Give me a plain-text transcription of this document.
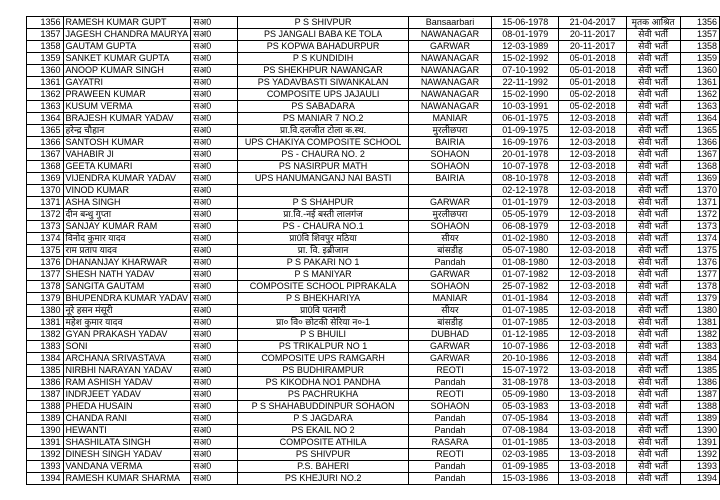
1356	RAMESH KUMAR GUPT	सअ0	P S SHIVPUR	Bansaarbari	15-06-1978	21-04-2017	मृतक आश्रित	1356
1357	JAGESH CHANDRA MAURYA	सअ0	PS JANGALI BABA KE TOLA	NAWANAGAR	08-01-1979	20-11-2017	सेवी भर्ती	1357
1358	GAUTAM GUPTA	सअ0	PS KOPWA BAHADURPUR	GARWAR	12-03-1989	20-11-2017	सेवी भर्ती	1358
1359	SANKET KUMAR GUPTA	सअ0	P S KUNDIDIH	NAWANAGAR	15-02-1992	05-01-2018	सेवी भर्ती	1359
1360	ANOOP KUMAR SINGH	सअ0	PS SHEKHPUR NAWANGAR	NAWANAGAR	07-10-1992	05-01-2018	सेवी भर्ती	1360
1361	GAYATRI	सअ0	PS YADAVBASTI SIWANKALAN	NAWANAGAR	22-11-1992	05-01-2018	सेवी भर्ती	1361
1362	PRAWEEN KUMAR	सअ0	COMPOSITE UPS JAJAULI	NAWANAGAR	15-02-1990	05-02-2018	सेवी भर्ती	1362
1363	KUSUM VERMA	सअ0	PS SABADARA	NAWANAGAR	10-03-1991	05-02-2018	सेवी भर्ती	1363
1364	BRAJESH KUMAR YADAV	सअ0	PS MANIAR 7 NO.2	MANIAR	06-01-1975	12-03-2018	सेवी भर्ती	1364
1365	हरेन्द्र चौहान	सअ0	प्रा.वि.दलजीत टोला क.स्थ.	मुरलीछपरा	01-09-1975	12-03-2018	सेवी भर्ती	1365
1366	SANTOSH KUMAR	सअ0	UPS CHAKIYA COMPOSITE SCHOOL	BAIRIA	16-09-1976	12-03-2018	सेवी भर्ती	1366
1367	VAHABIR JI	सअ0	PS - CHAURA NO. 2	SOHAON	20-01-1978	12-03-2018	सेवी भर्ती	1367
1368	GEETA KUMARI	सअ0	PS NASIRPUR MATH	SOHAON	10-07-1978	12-03-2018	सेवी भर्ती	1368
1369	VIJENDRA KUMAR YADAV	सअ0	UPS HANUMANGANJ NAI BASTI	BAIRIA	08-10-1978	12-03-2018	सेवी भर्ती	1369
1370	VINOD KUMAR	सअ0			02-12-1978	12-03-2018	सेवी भर्ती	1370
1371	ASHA SINGH	सअ0	P S SHAHPUR	GARWAR	01-01-1979	12-03-2018	सेवी भर्ती	1371
1372	दीन बन्धु गुप्ता	सअ0	प्रा.वि.-नई बस्ती लालगंज	मुरलीछपरा	05-05-1979	12-03-2018	सेवी भर्ती	1372
1373	SANJAY KUMAR RAM	सअ0	PS - CHAURA NO.1	SOHAON	06-08-1979	12-03-2018	सेवी भर्ती	1373
1374	विनोद कुमार यादव	सअ0	प्रा0वि शिवपुर मठिया	सीयर	01-02-1980	12-03-2018	सेवी भर्ती	1374
1375	राम प्रताप यादव	सअ0	प्रा. वि. इब्रीजान	बांसडीह	05-07-1980	12-03-2018	सेवी भर्ती	1375
1376	DHANANJAY KHARWAR	सअ0	P S PAKARI NO 1	Pandah	01-08-1980	12-03-2018	सेवी भर्ती	1376
1377	SHESH NATH YADAV	सअ0	P S MANIYAR	GARWAR	01-07-1982	12-03-2018	सेवी भर्ती	1377
1378	SANGITA GAUTAM	सअ0	COMPOSITE SCHOOL PIPRAKALA	SOHAON	25-07-1982	12-03-2018	सेवी भर्ती	1378
1379	BHUPENDRA KUMAR YADAV	सअ0	P S BHEKHARIYA	MANIAR	01-01-1984	12-03-2018	सेवी भर्ती	1379
1380	नूरे हसन मंसूरी	सअ0	प्रा0वि पतनारी	सीयर	01-07-1985	12-03-2018	सेवी भर्ती	1380
1381	महेश कुमार यादव	सअ0	प्रा० वि० छोटकी सेरिया न०-1	बांसडीह	01-07-1985	12-03-2018	सेवी भर्ती	1381
1382	GYAN PRAKASH YADAV	सअ0	P S BHUILI	DUBHAD	01-12-1985	12-03-2018	सेवी भर्ती	1382
1383	SONI	सअ0	PS TRIKALPUR NO 1	GARWAR	10-07-1986	12-03-2018	सेवी भर्ती	1383
1384	ARCHANA SRIVASTAVA	सअ0	COMPOSITE UPS RAMGARH	GARWAR	20-10-1986	12-03-2018	सेवी भर्ती	1384
1385	NIRBHI NARAYAN YADAV	सअ0	PS BUDHIRAMPUR	REOTI	15-07-1972	13-03-2018	सेवी भर्ती	1385
1386	RAM ASHISH YADAV	सअ0	PS KIKODHA NO1 PANDHA	Pandah	31-08-1978	13-03-2018	सेवी भर्ती	1386
1387	INDRJEET YADAV	सअ0	PS PACHRUKHA	REOTI	05-09-1980	13-03-2018	सेवी भर्ती	1387
1388	PHEDA HUSAIN	सअ0	P S SHAHABUDDINPUR SOHAON	SOHAON	05-03-1983	13-03-2018	सेवी भर्ती	1388
1389	CHANDA RANI	सअ0	P S JAGDARA	Pandah	07-05-1984	13-03-2018	सेवी भर्ती	1389
1390	HEWANTI	सअ0	PS EKAIL NO 2	Pandah	07-08-1984	13-03-2018	सेवी भर्ती	1390
1391	SHASHILATA SINGH	सअ0	COMPOSITE ATHILA	RASARA	01-01-1985	13-03-2018	सेवी भर्ती	1391
1392	DINESH SINGH YADAV	सअ0	PS SHIVPUR	REOTI	02-03-1985	13-03-2018	सेवी भर्ती	1392
1393	VANDANA VERMA	सअ0	P.S. BAHERI	Pandah	01-09-1985	13-03-2018	सेवी भर्ती	1393
1394	RAMESH KUMAR SHARMA	सअ0	PS KHEJURI NO.2	Pandah	15-03-1986	13-03-2018	सेवी भर्ती	1394
